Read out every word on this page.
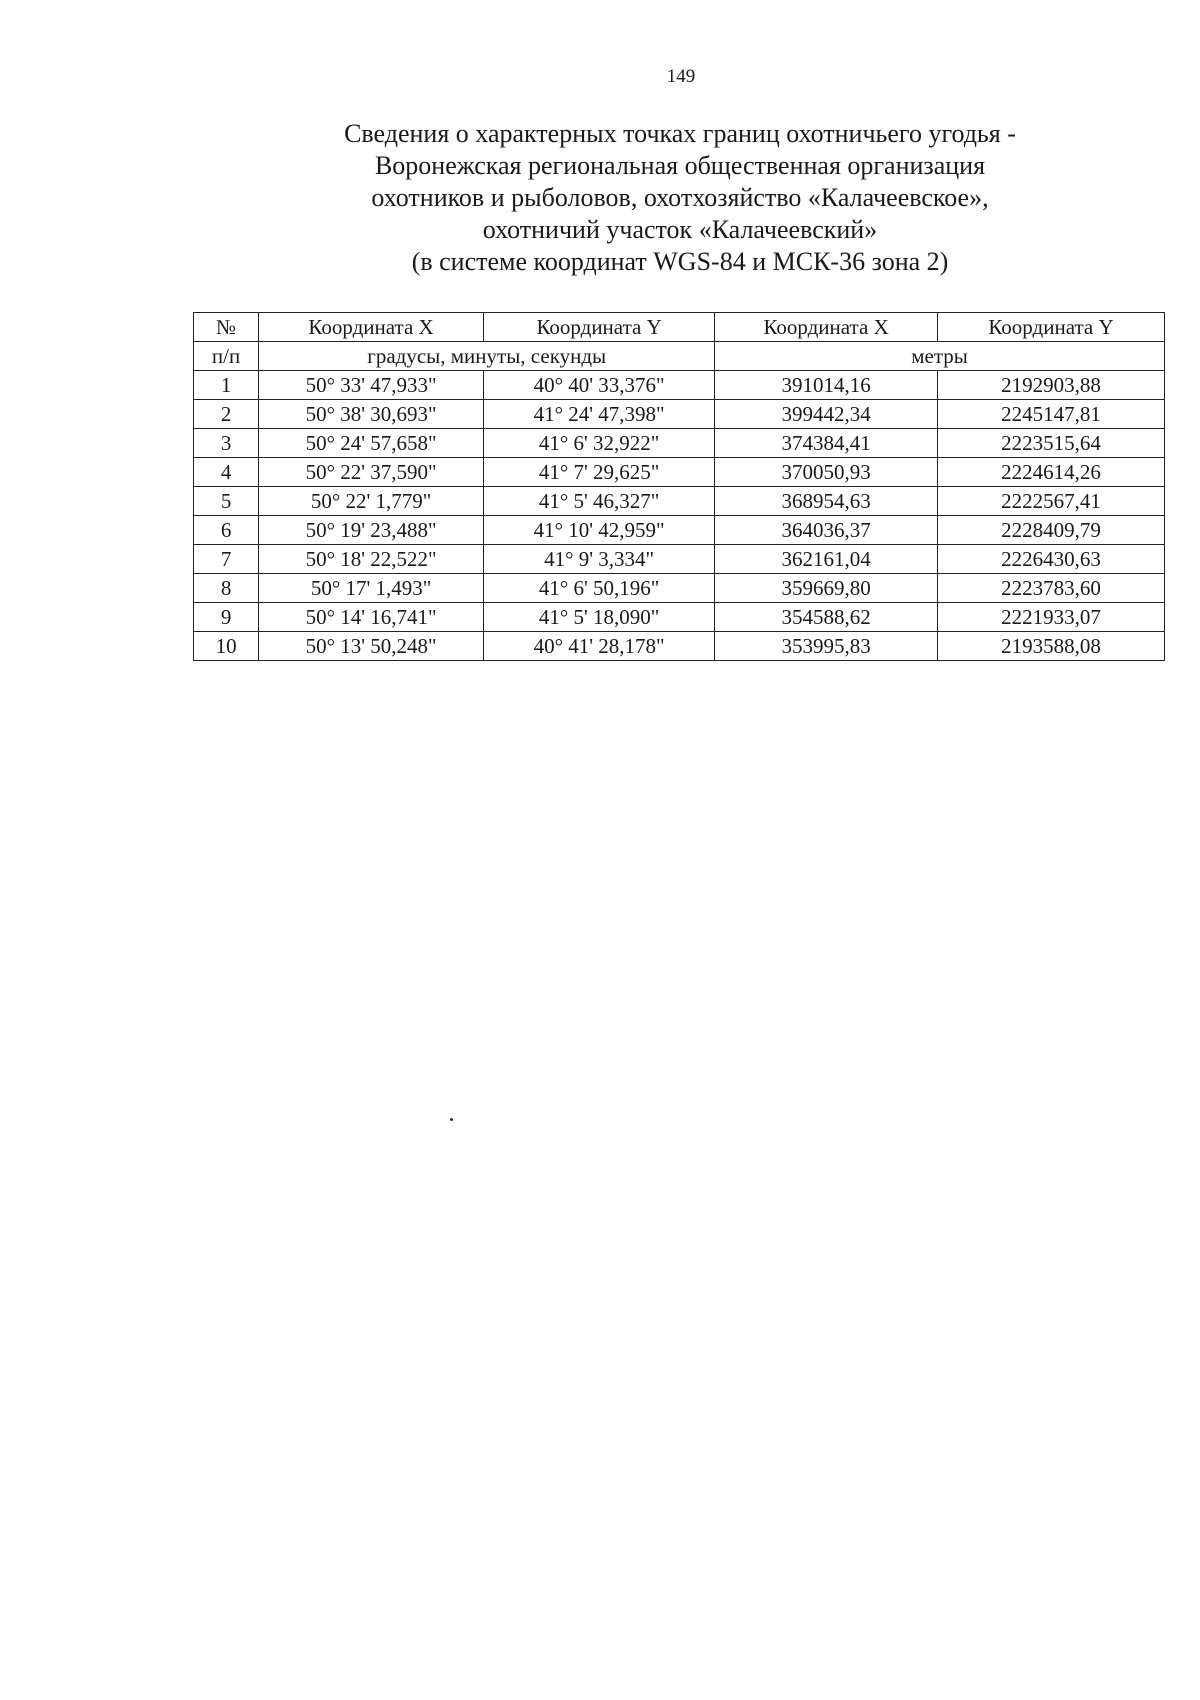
149
Сведения о характерных точках границ охотничьего угодья -
Воронежская региональная общественная организация
охотников и рыболовов, охотхозяйство «Калачеевское»,
охотничий участок «Калачеевский»
(в системе координат WGS-84 и МСК-36 зона 2)
№	Координата X	Координата Y	Координата X	Координата Y
п/п	градусы, минуты, секунды		метры	
1	50° 33' 47,933"	40° 40' 33,376"	391014,16	2192903,88
2	50° 38' 30,693"	41° 24' 47,398"	399442,34	2245147,81
3	50° 24' 57,658"	41° 6' 32,922"	374384,41	2223515,64
4	50° 22' 37,590"	41° 7' 29,625"	370050,93	2224614,26
5	50° 22' 1,779"	41° 5' 46,327"	368954,63	2222567,41
6	50° 19' 23,488"	41° 10' 42,959"	364036,37	2228409,79
7	50° 18' 22,522"	41° 9' 3,334"	362161,04	2226430,63
8	50° 17' 1,493"	41° 6' 50,196"	359669,80	2223783,60
9	50° 14' 16,741"	41° 5' 18,090"	354588,62	2221933,07
10	50° 13' 50,248"	40° 41' 28,178"	353995,83	2193588,08
